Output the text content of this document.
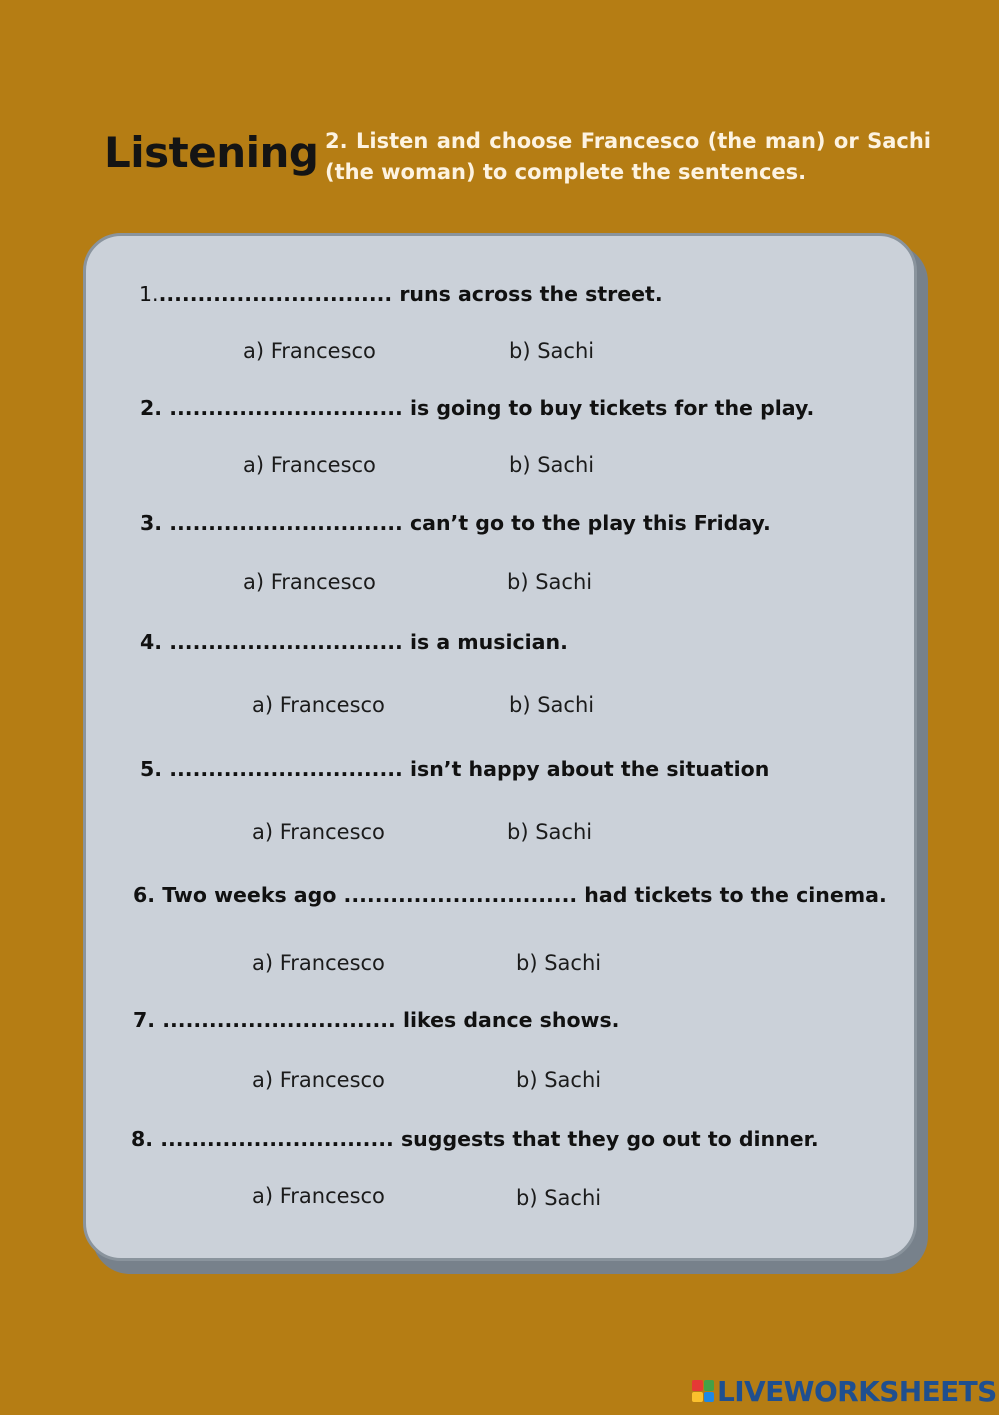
Listening 2. Listen and choose Francesco (the man) or Sachi (the woman) to complete the sentences.
1............................... runs across the street.
a) Francesco	b) Sachi
2. .............................. is going to buy tickets for the play.
a) Francesco	b) Sachi
3. .............................. can’t go to the play this Friday.
a) Francesco	b) Sachi
4. .............................. is a musician.
a) Francesco	b) Sachi
5. .............................. isn’t happy about the situation
a) Francesco	b) Sachi
6. Two weeks ago .............................. had tickets to the cinema.
a) Francesco	b) Sachi
7. .............................. likes dance shows.
a) Francesco	b) Sachi
8. .............................. suggests that they go out to dinner.
a) Francesco	b) Sachi
LIVEWORKSHEETS
